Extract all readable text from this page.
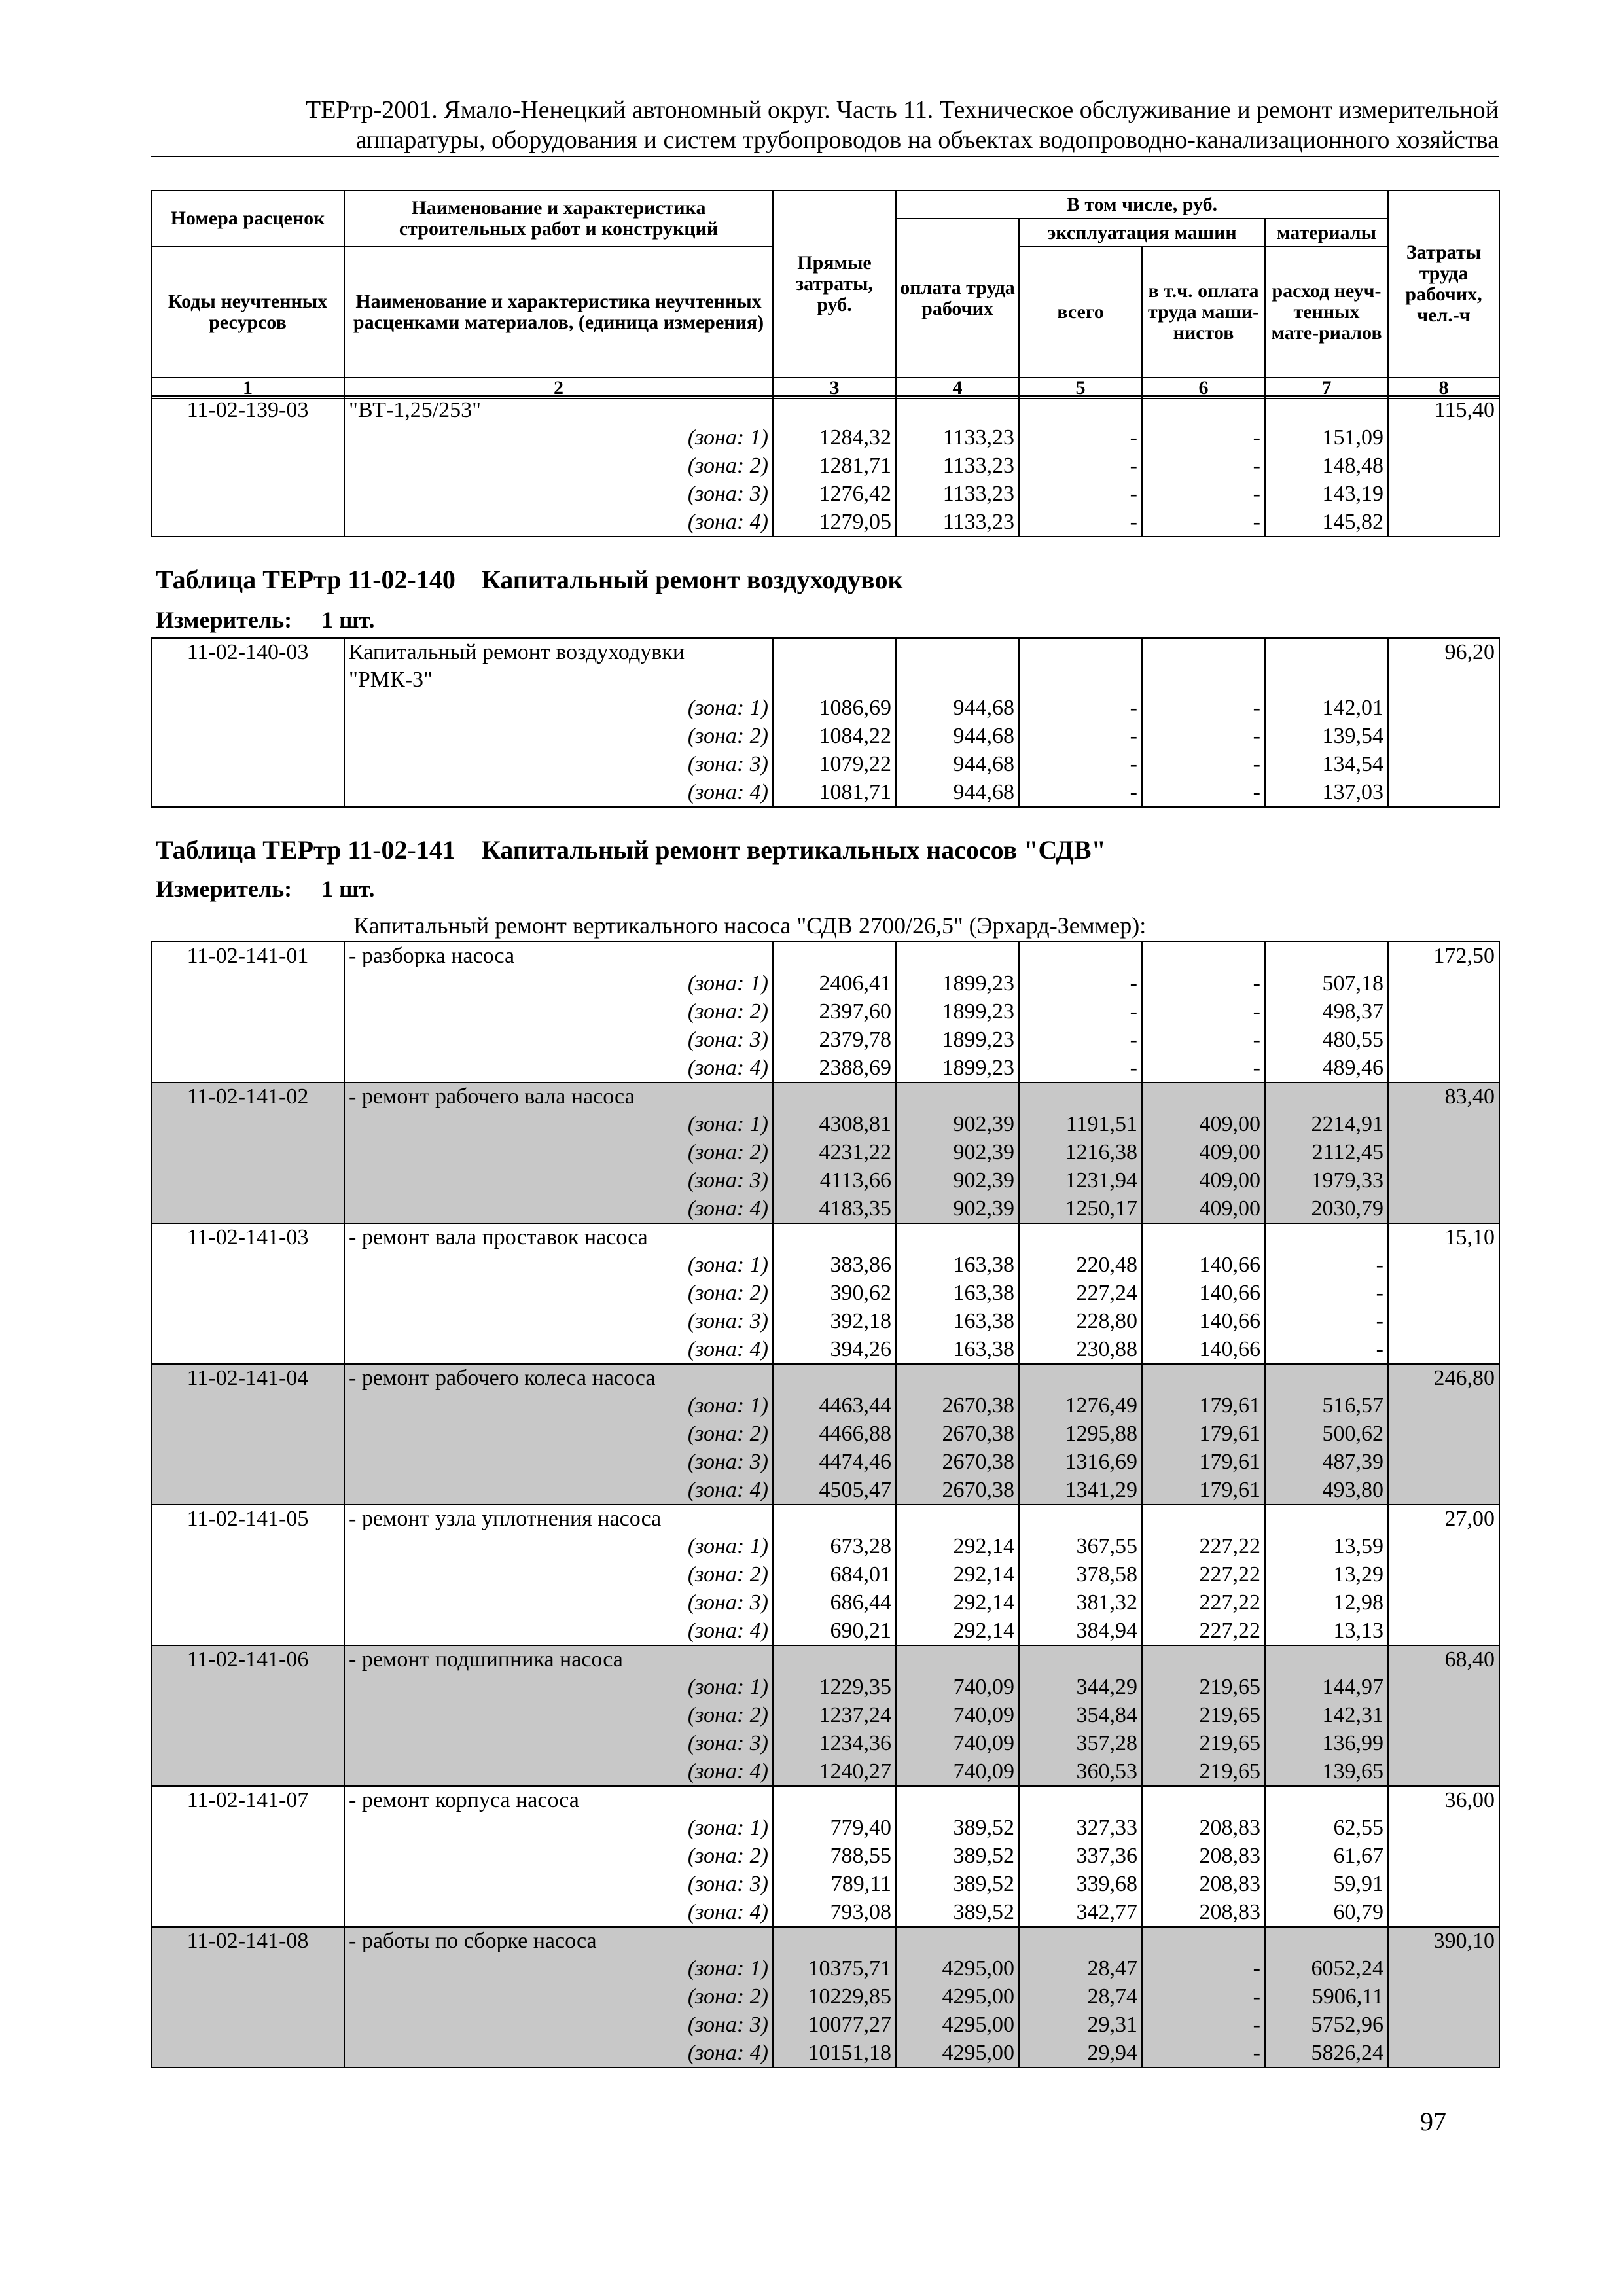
ТЕРтр-2001. Ямало-Ненецкий автономный округ. Часть 11. Техническое обслуживание и ремонт измерительной
аппаратуры, оборудования и систем трубопроводов на объектах водопроводно-канализационного хозяйства
Номера расценок	Наименование и характеристика строительных работ и конструкций	Прямые затраты, руб.	В том числе, руб.				Затраты труда рабочих, чел.-ч
			оплата труда рабочих	эксплуатация машин		материалы	
Коды неучтенных ресурсов	Наименование и характеристика неучтенных расценками материалов, (единица измерения)			всего	в т.ч. оплата труда маши-нистов	расход неуч-тенных мате-риалов	

1	2	3	4	5	6	7	8
11-02-139-03	"ВТ-1,25/253"						115,40
	(зона: 1)	1284,32	1133,23	-	-	151,09	
	(зона: 2)	1281,71	1133,23	-	-	148,48	
	(зона: 3)	1276,42	1133,23	-	-	143,19	
	(зона: 4)	1279,05	1133,23	-	-	145,82	
Таблица ТЕРтр 11-02-140    Капитальный ремонт воздуходувок
Измеритель:     1 шт.
11-02-140-03	Капитальный ремонт воздуходувки						96,20
	"РМК-3"						
	(зона: 1)	1086,69	944,68	-	-	142,01	
	(зона: 2)	1084,22	944,68	-	-	139,54	
	(зона: 3)	1079,22	944,68	-	-	134,54	
	(зона: 4)	1081,71	944,68	-	-	137,03	
Таблица ТЕРтр 11-02-141    Капитальный ремонт вертикальных насосов "СДВ"
Измеритель:     1 шт.
Капитальный ремонт вертикального насоса "СДВ 2700/26,5" (Эрхард-Земмер):
11-02-141-01	- разборка насоса						172,50
	(зона: 1)	2406,41	1899,23	-	-	507,18	
	(зона: 2)	2397,60	1899,23	-	-	498,37	
	(зона: 3)	2379,78	1899,23	-	-	480,55	
	(зона: 4)	2388,69	1899,23	-	-	489,46	
11-02-141-02	- ремонт рабочего вала насоса						83,40
	(зона: 1)	4308,81	902,39	1191,51	409,00	2214,91	
	(зона: 2)	4231,22	902,39	1216,38	409,00	2112,45	
	(зона: 3)	4113,66	902,39	1231,94	409,00	1979,33	
	(зона: 4)	4183,35	902,39	1250,17	409,00	2030,79	
11-02-141-03	- ремонт вала проставок насоса						15,10
	(зона: 1)	383,86	163,38	220,48	140,66	-	
	(зона: 2)	390,62	163,38	227,24	140,66	-	
	(зона: 3)	392,18	163,38	228,80	140,66	-	
	(зона: 4)	394,26	163,38	230,88	140,66	-	
11-02-141-04	- ремонт рабочего колеса насоса						246,80
	(зона: 1)	4463,44	2670,38	1276,49	179,61	516,57	
	(зона: 2)	4466,88	2670,38	1295,88	179,61	500,62	
	(зона: 3)	4474,46	2670,38	1316,69	179,61	487,39	
	(зона: 4)	4505,47	2670,38	1341,29	179,61	493,80	
11-02-141-05	- ремонт узла уплотнения насоса						27,00
	(зона: 1)	673,28	292,14	367,55	227,22	13,59	
	(зона: 2)	684,01	292,14	378,58	227,22	13,29	
	(зона: 3)	686,44	292,14	381,32	227,22	12,98	
	(зона: 4)	690,21	292,14	384,94	227,22	13,13	
11-02-141-06	- ремонт подшипника насоса						68,40
	(зона: 1)	1229,35	740,09	344,29	219,65	144,97	
	(зона: 2)	1237,24	740,09	354,84	219,65	142,31	
	(зона: 3)	1234,36	740,09	357,28	219,65	136,99	
	(зона: 4)	1240,27	740,09	360,53	219,65	139,65	
11-02-141-07	- ремонт корпуса насоса						36,00
	(зона: 1)	779,40	389,52	327,33	208,83	62,55	
	(зона: 2)	788,55	389,52	337,36	208,83	61,67	
	(зона: 3)	789,11	389,52	339,68	208,83	59,91	
	(зона: 4)	793,08	389,52	342,77	208,83	60,79	
11-02-141-08	- работы по сборке насоса						390,10
	(зона: 1)	10375,71	4295,00	28,47	-	6052,24	
	(зона: 2)	10229,85	4295,00	28,74	-	5906,11	
	(зона: 3)	10077,27	4295,00	29,31	-	5752,96	
	(зона: 4)	10151,18	4295,00	29,94	-	5826,24	
97
